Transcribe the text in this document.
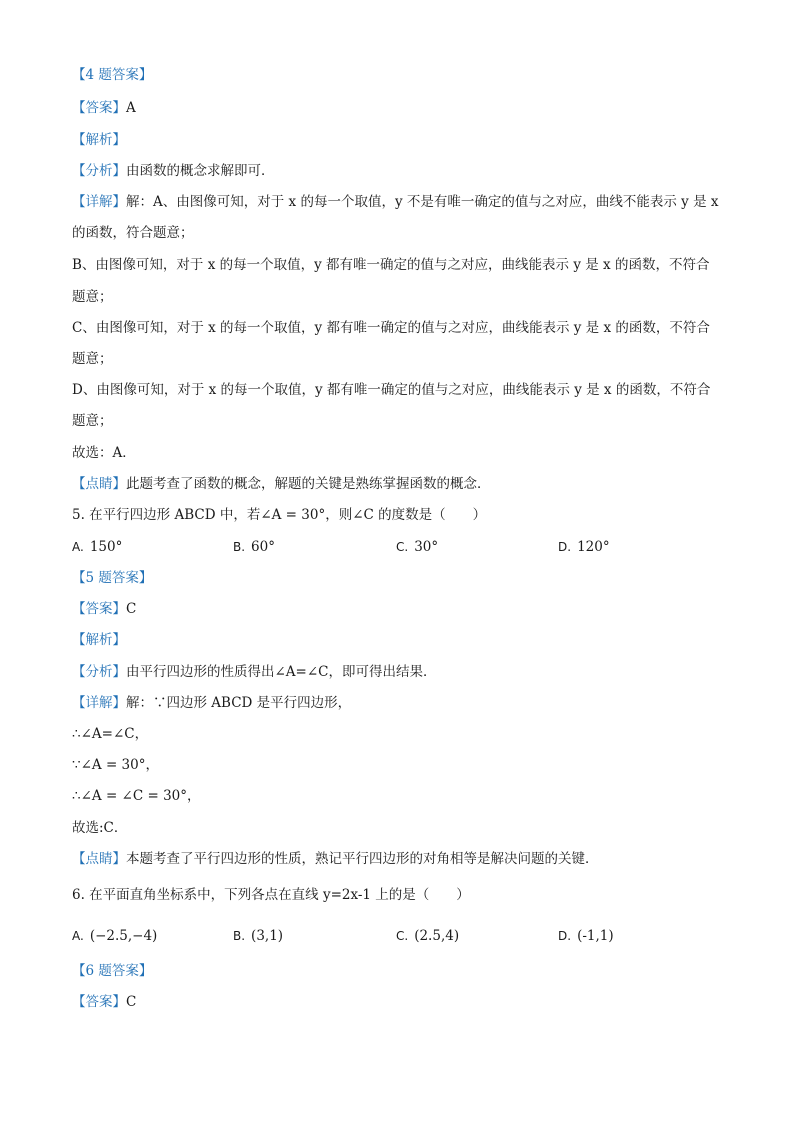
【4 题答案】
【答案】A
【解析】
【分析】由函数的概念求解即可．
【详解】解：A、由图像可知，对于 x 的每一个取值，y 不是有唯一确定的值与之对应，曲线不能表示 y 是 x
的函数，符合题意；
B、由图像可知，对于 x 的每一个取值，y 都有唯一确定的值与之对应，曲线能表示 y 是 x 的函数，不符合
题意；
C、由图像可知，对于 x 的每一个取值，y 都有唯一确定的值与之对应，曲线能表示 y 是 x 的函数，不符合
题意；
D、由图像可知，对于 x 的每一个取值，y 都有唯一确定的值与之对应，曲线能表示 y 是 x 的函数，不符合
题意；
故选：A．
【点睛】此题考查了函数的概念，解题的关键是熟练掌握函数的概念．
5. 在平行四边形 ABCD 中，若∠A = 30°，则∠C 的度数是（　　）
A. 150°	B. 60°	C. 30°	D. 120°
【5 题答案】
【答案】C
【解析】
【分析】由平行四边形的性质得出∠A=∠C，即可得出结果．
【详解】解：∵四边形 ABCD 是平行四边形，
∴∠A=∠C，
∵∠A = 30°，
∴∠A = ∠C = 30°，
故选:C．
【点睛】本题考查了平行四边形的性质，熟记平行四边形的对角相等是解决问题的关键．
6. 在平面直角坐标系中，下列各点在直线 y=2x-1 上的是（　　）
A. (−2.5,−4)	B. (3,1)	C. (2.5,4)	D. (-1,1)
【6 题答案】
【答案】C
